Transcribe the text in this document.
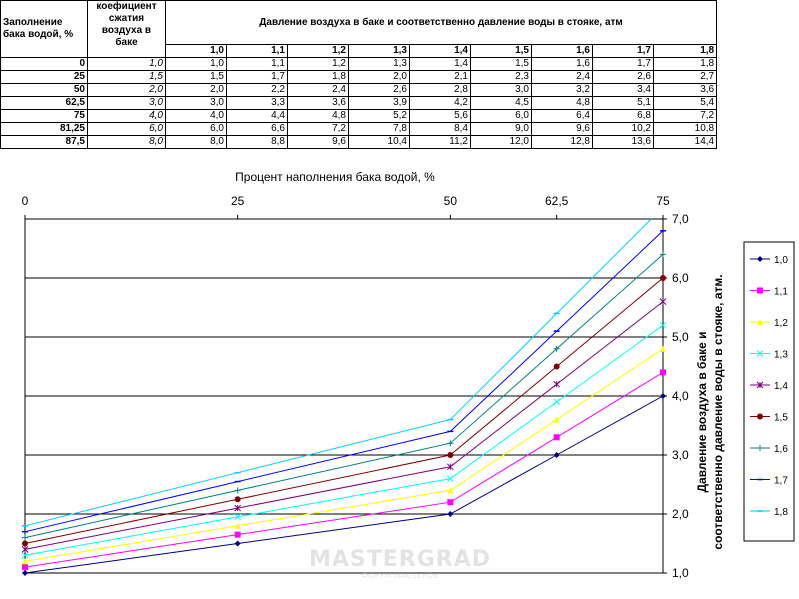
Заполнение бака водой, %	коефициент сжатия воздуха в баке	Давление воздуха в баке и соответственно давление воды в стояке, атм								
		1,0	1,1	1,2	1,3	1,4	1,5	1,6	1,7	1,8
0	1,0	1,0	1,1	1,2	1,3	1,4	1,5	1,6	1,7	1,8
25	1,5	1,5	1,7	1,8	2,0	2,1	2,3	2,4	2,6	2,7
50	2,0	2,0	2,2	2,4	2,6	2,8	3,0	3,2	3,4	3,6
62,5	3,0	3,0	3,3	3,6	3,9	4,2	4,5	4,8	5,1	5,4
75	4,0	4,0	4,4	4,8	5,2	5,6	6,0	6,4	6,8	7,2
81,25	6,0	6,0	6,6	7,2	7,8	8,4	9,0	9,6	10,2	10,8
87,5	8,0	8,0	8,8	9,6	10,4	11,2	12,0	12,8	13,6	14,4
0	25	50	62,5	75
1,0
2,0
3,0
4,0
5,0
6,0
7,0
Процент наполнения бака водой, %
Давление воздуха в баке и соответственно давление воды в стояке, атм.
1,0
1,1
1,2
1,3
1,4
1,5
1,6
1,7
1,8
MASTERGRAD
ФОРУМ МАСТЕРОВ
